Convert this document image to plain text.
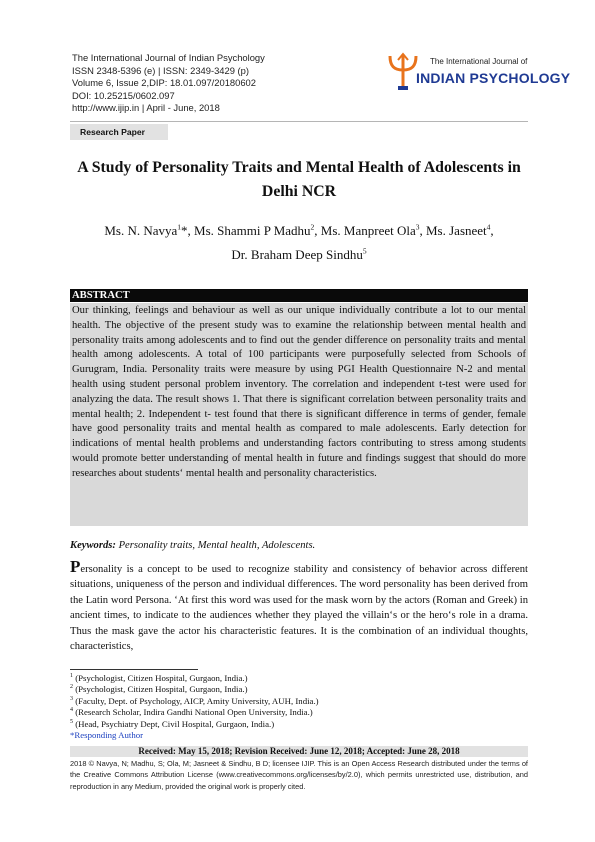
The International Journal of Indian Psychology
ISSN 2348-5396 (e) | ISSN: 2349-3429 (p)
Volume 6, Issue 2,DIP: 18.01.097/20180602
DOI: 10.25215/0602.097
http://www.ijip.in | April - June, 2018
The International Journal of
INDIAN PSYCHOLOGY
Research Paper
A Study of Personality Traits and Mental Health of Adolescents in Delhi NCR
Ms. N. Navya$^1$*, Ms. Shammi P Madhu$^2$, Ms. Manpreet Ola$^3$, Ms. Jasneet$^4$,
Dr. Braham Deep Sindhu$^5$
ABSTRACT
Our thinking, feelings and behaviour as well as our unique individually contribute a lot to our mental health. The objective of the present study was to examine the relationship between mental health and personality traits among adolescents and to find out the gender difference on personality traits and mental health among adolescents. A total of 100 participants were purposefully selected from Schools of Gurugram, India. Personality traits were measure by using PGI Health Questionnaire N-2 and mental health using student personal problem inventory. The correlation and independent t-test were used for analyzing the data. The result shows 1. That there is significant correlation between personality traits and mental health; 2. Independent t- test found that there is significant difference in terms of gender, female have good personality traits and mental health as compared to male adolescents. Early detection for indications of mental health problems and understanding factors contributing to stress among students would promote better understanding of mental health in future and findings suggest that should do more researches about students‘ mental health and personality characteristics.
Keywords: Personality traits, Mental health, Adolescents.
Personality is a concept to be used to recognize stability and consistency of behavior across different situations, uniqueness of the person and individual differences. The word personality has been derived from the Latin word Persona. ‘At first this word was used for the mask worn by the actors (Roman and Greek) in ancient times, to indicate to the audiences whether they played the villain‘s or the hero‘s role in a drama. Thus the mask gave the actor his characteristic features. It is the combination of an individual thoughts, characteristics,
$^1$ (Psychologist, Citizen Hospital, Gurgaon, India.)
$^2$ (Psychologist, Citizen Hospital, Gurgaon, India.)
$^3$ (Faculty, Dept. of Psychology, AICP, Amity University, AUH, India.)
$^4$ (Research Scholar, Indira Gandhi National Open University, India.)
$^5$ (Head, Psychiatry Dept, Civil Hospital, Gurgaon, India.)
*Responding Author
Received: May 15, 2018; Revision Received: June 12, 2018; Accepted: June 28, 2018
2018 © Navya, N; Madhu, S; Ola, M; Jasneet & Sindhu, B D; licensee IJIP. This is an Open Access Research distributed under the terms of the Creative Commons Attribution License (www.creativecommons.org/licenses/by/2.0), which permits unrestricted use, distribution, and reproduction in any Medium, provided the original work is properly cited.
